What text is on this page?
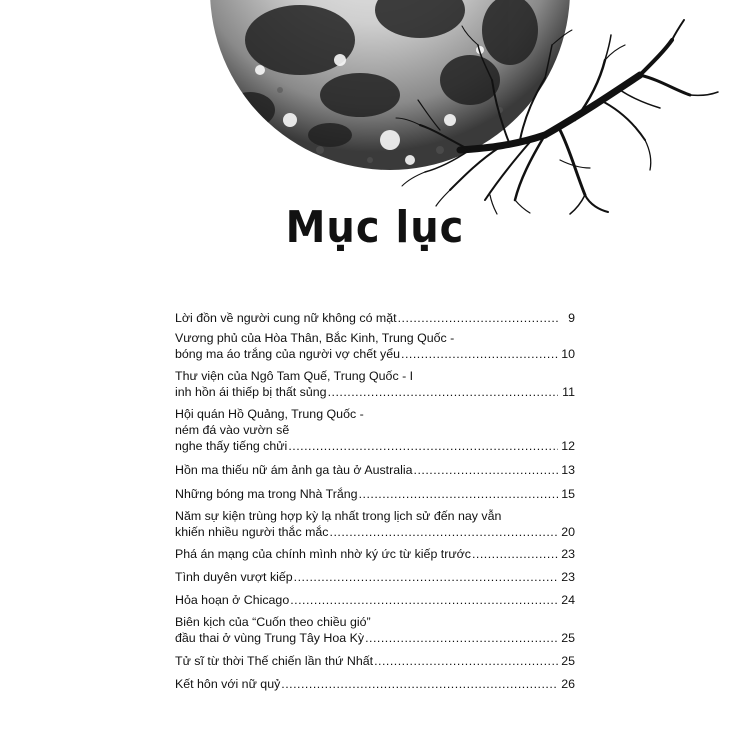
Mục lục
Lời đồn về người cung nữ không có mặt .....	9
Vương phủ của Hòa Thân, Bắc Kinh, Trung Quốc -
bóng ma áo trắng của người vợ chết yểu .....	10
Thư viện của Ngô Tam Quế, Trung Quốc - I
inh hồn ái thiếp bị thất sủng .....	11
Hội quán Hồ Quảng, Trung Quốc -
ném đá vào vườn sẽ
nghe thấy tiếng chửi .....	12
Hồn ma thiếu nữ ám ảnh ga tàu ở Australia .....	13
Những bóng ma trong Nhà Trắng .....	15
Năm sự kiện trùng hợp kỳ lạ nhất trong lịch sử đến nay vẫn
khiến nhiều người thắc mắc .....	20
Phá án mạng của chính mình nhờ ký ức từ kiếp trước .....	23
Tình duyên vượt kiếp .....	23
Hỏa hoạn ở Chicago .....	24
Biên kịch của “Cuốn theo chiều gió”
đầu thai ở vùng Trung Tây Hoa Kỳ .....	25
Tử sĩ từ thời Thế chiến lần thứ Nhất .....	25
Kết hôn với nữ quỷ .....	26
